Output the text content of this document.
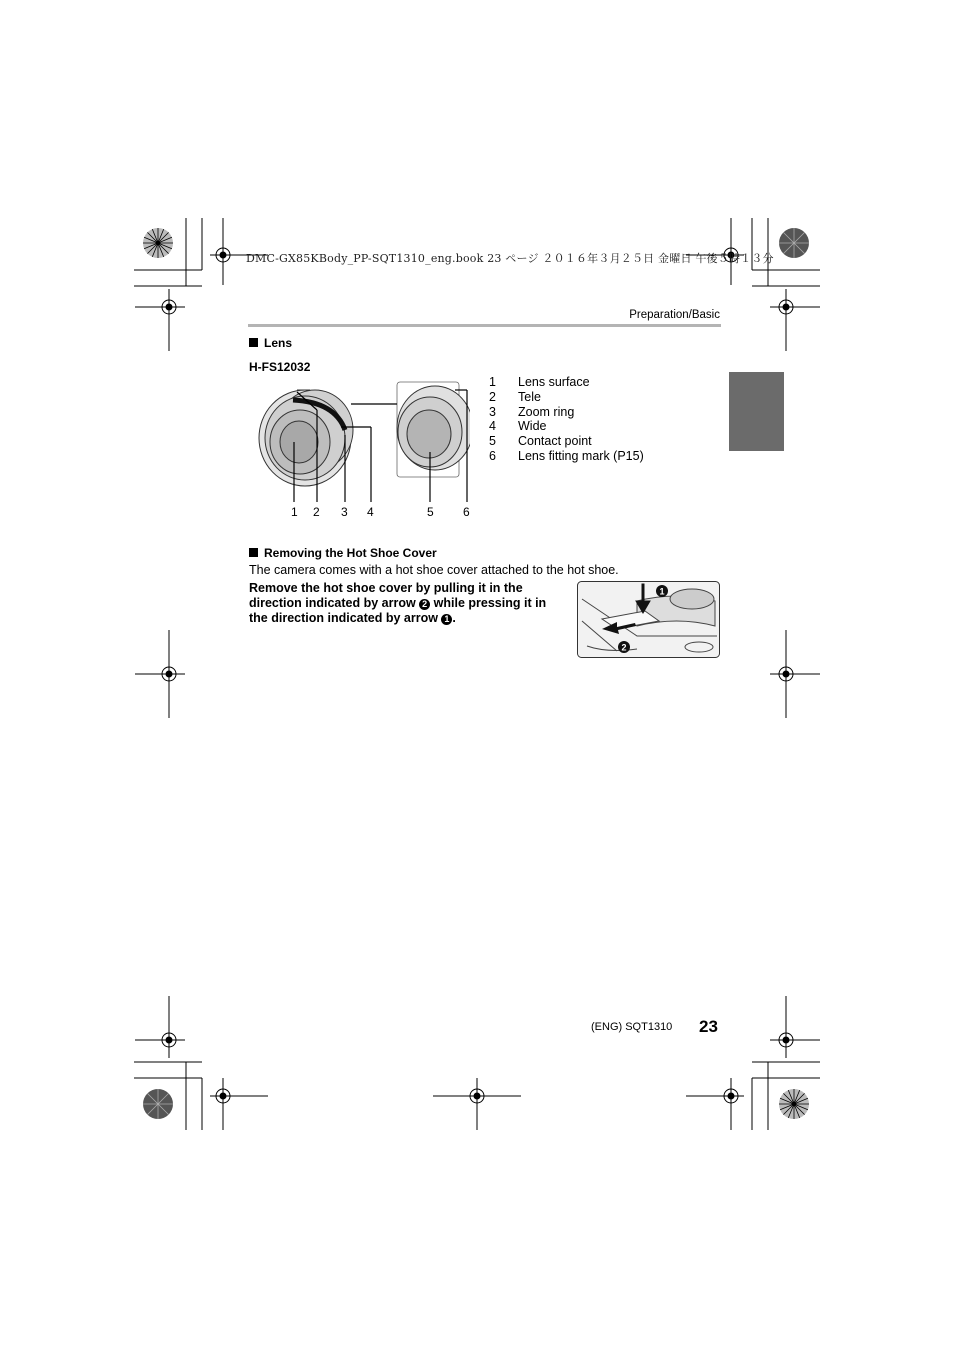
DMC-GX85KBody_PP-SQT1310_eng.book 23 ページ ２０１６年３月２５日 金曜日 午後５時１３分
Preparation/Basic
Lens
H-FS12032
1 2 3 4	5 6
1	Lens surface
2	Tele
3	Zoom ring
4	Wide
5	Contact point
6	Lens fitting mark (P15)
Removing the Hot Shoe Cover
The camera comes with a hot shoe cover attached to the hot shoe.
Remove the hot shoe cover by pulling it in the
direction indicated by arrow 2 while pressing it in
the direction indicated by arrow 1 .
1
2
(ENG) SQT1310 23
